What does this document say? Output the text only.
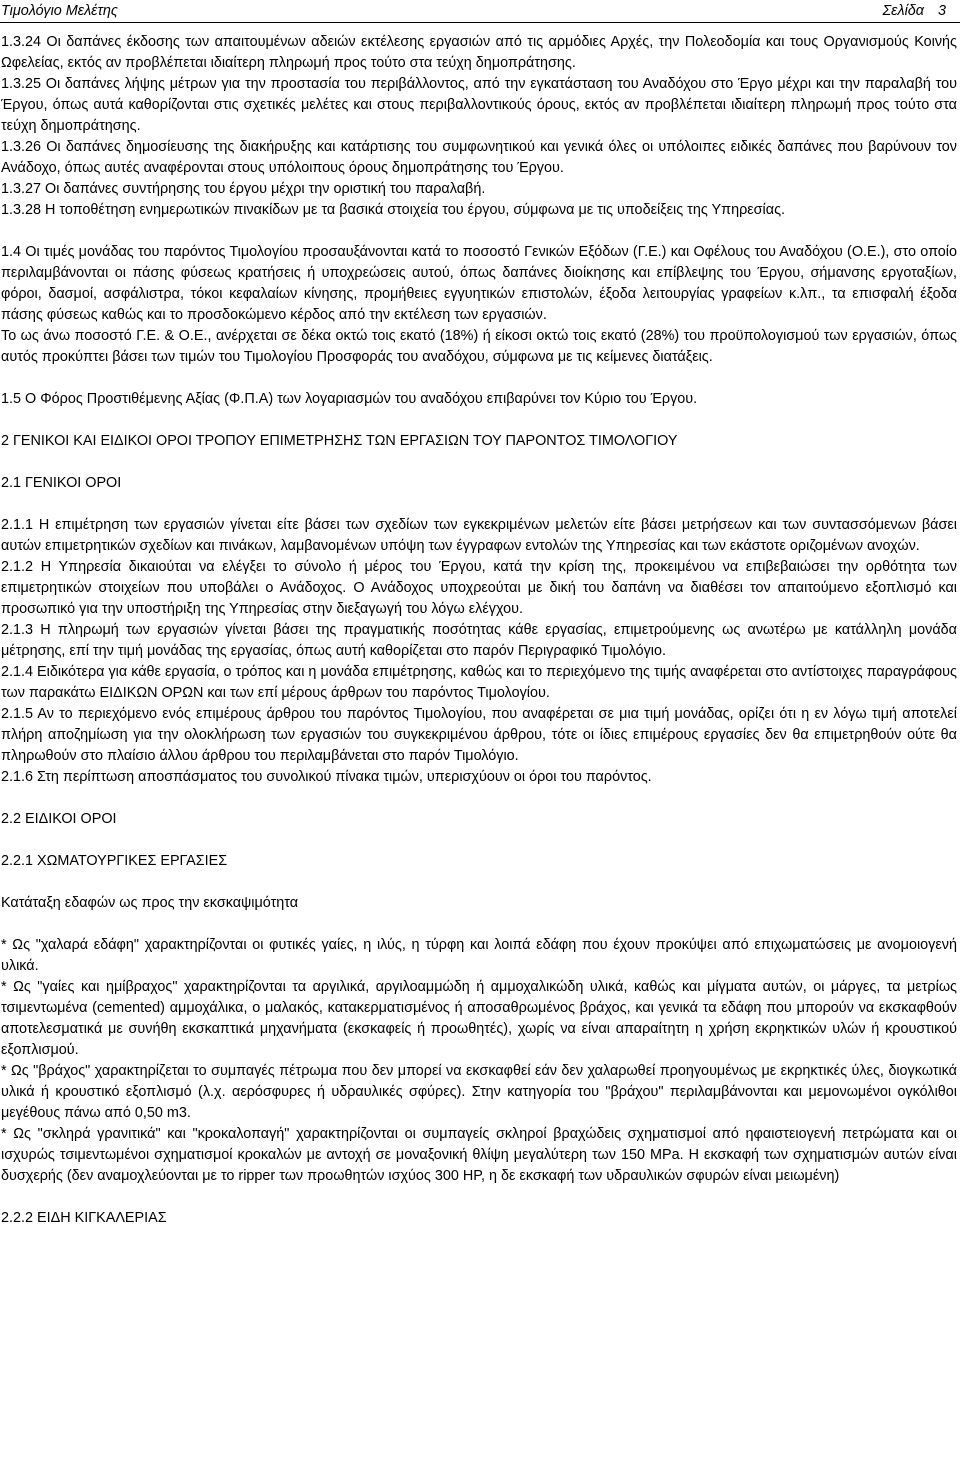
Τιμολόγιο Μελέτης	Σελίδα 3

1.3.24 Οι δαπάνες έκδοσης των απαιτουμένων αδειών εκτέλεσης εργασιών από τις αρμόδιες Αρχές, την Πολεοδομία και τους Οργανισμούς Κοινής Ωφελείας, εκτός αν προβλέπεται ιδιαίτερη πληρωμή προς τούτο στα τεύχη δημοπράτησης.

1.3.25 Οι δαπάνες λήψης μέτρων για την προστασία του περιβάλλοντος, από την εγκατάσταση του Αναδόχου στο Έργο μέχρι και την παραλαβή του Έργου, όπως αυτά καθορίζονται στις σχετικές μελέτες και στους περιβαλλοντικούς όρους, εκτός αν προβλέπεται ιδιαίτερη πληρωμή προς τούτο στα τεύχη δημοπράτησης.

1.3.26 Οι δαπάνες δημοσίευσης της διακήρυξης και κατάρτισης του συμφωνητικού και γενικά όλες οι υπόλοιπες ειδικές δαπάνες που βαρύνουν τον Ανάδοχο, όπως αυτές αναφέρονται στους υπόλοιπους όρους δημοπράτησης του Έργου.

1.3.27 Οι δαπάνες συντήρησης του έργου μέχρι την οριστική του παραλαβή.

1.3.28 Η τοποθέτηση ενημερωτικών πινακίδων με τα βασικά στοιχεία του έργου, σύμφωνα με τις υποδείξεις της Υπηρεσίας.

1.4 Οι τιμές μονάδας του παρόντος Τιμολογίου προσαυξάνονται κατά το ποσοστό Γενικών Εξόδων (Γ.Ε.) και Οφέλους του Αναδόχου (Ο.Ε.), στο οποίο περιλαμβάνονται οι πάσης φύσεως κρατήσεις ή υποχρεώσεις αυτού, όπως δαπάνες διοίκησης και επίβλεψης του Έργου, σήμανσης εργοταξίων, φόροι, δασμοί, ασφάλιστρα, τόκοι κεφαλαίων κίνησης, προμήθειες εγγυητικών επιστολών, έξοδα λειτουργίας γραφείων κ.λπ., τα επισφαλή έξοδα πάσης φύσεως καθώς και το προσδοκώμενο κέρδος από την εκτέλεση των εργασιών.

Το ως άνω ποσοστό Γ.Ε. & Ο.Ε., ανέρχεται σε δέκα οκτώ τοις εκατό (18%) ή είκοσι οκτώ τοις εκατό (28%) του προϋπολογισμού των εργασιών, όπως αυτός προκύπτει βάσει των τιμών του Τιμολογίου Προσφοράς του αναδόχου, σύμφωνα με τις κείμενες διατάξεις.

1.5 Ο Φόρος Προστιθέμενης Αξίας (Φ.Π.Α) των λογαριασμών του αναδόχου επιβαρύνει τον Κύριο του Έργου.

2 ΓΕΝΙΚΟΙ ΚΑΙ ΕΙΔΙΚΟΙ ΟΡΟΙ ΤΡΟΠΟΥ ΕΠΙΜΕΤΡΗΣΗΣ ΤΩΝ ΕΡΓΑΣΙΩΝ ΤΟΥ ΠΑΡΟΝΤΟΣ ΤΙΜΟΛΟΓΙΟΥ

2.1 ΓΕΝΙΚΟΙ ΟΡΟΙ

2.1.1 Η επιμέτρηση των εργασιών γίνεται είτε βάσει των σχεδίων των εγκεκριμένων μελετών είτε βάσει μετρήσεων και των συντασσόμενων βάσει αυτών επιμετρητικών σχεδίων και πινάκων, λαμβανομένων υπόψη των έγγραφων εντολών της Υπηρεσίας και των εκάστοτε οριζομένων ανοχών.

2.1.2 Η Υπηρεσία δικαιούται να ελέγξει το σύνολο ή μέρος του Έργου, κατά την κρίση της, προκειμένου να επιβεβαιώσει την ορθότητα των επιμετρητικών στοιχείων που υποβάλει ο Ανάδοχος. Ο Ανάδοχος υποχρεούται με δική του δαπάνη να διαθέσει τον απαιτούμενο εξοπλισμό και προσωπικό για την υποστήριξη της Υπηρεσίας στην διεξαγωγή του λόγω ελέγχου.

2.1.3 Η πληρωμή των εργασιών γίνεται βάσει της πραγματικής ποσότητας κάθε εργασίας, επιμετρούμενης ως ανωτέρω με κατάλληλη μονάδα μέτρησης, επί την τιμή μονάδας της εργασίας, όπως αυτή καθορίζεται στο παρόν Περιγραφικό Τιμολόγιο.

2.1.4 Ειδικότερα για κάθε εργασία, ο τρόπος και η μονάδα επιμέτρησης, καθώς και το περιεχόμενο της τιμής αναφέρεται στο αντίστοιχες παραγράφους των παρακάτω ΕΙΔΙΚΩΝ ΟΡΩΝ και των επί μέρους άρθρων του παρόντος Τιμολογίου.

2.1.5 Αν το περιεχόμενο ενός επιμέρους άρθρου του παρόντος Τιμολογίου, που αναφέρεται σε μια τιμή μονάδας, ορίζει ότι η εν λόγω τιμή αποτελεί πλήρη αποζημίωση για την ολοκλήρωση των εργασιών του συγκεκριμένου άρθρου, τότε οι ίδιες επιμέρους εργασίες δεν θα επιμετρηθούν ούτε θα πληρωθούν στο πλαίσιο άλλου άρθρου του περιλαμβάνεται στο παρόν Τιμολόγιο.

2.1.6 Στη περίπτωση αποσπάσματος του συνολικού πίνακα τιμών, υπερισχύουν οι όροι του παρόντος.

2.2 ΕΙΔΙΚΟΙ ΟΡΟΙ

2.2.1 ΧΩΜΑΤΟΥΡΓΙΚΕΣ ΕΡΓΑΣΙΕΣ

Κατάταξη εδαφών ως προς την εκσκαψιμότητα

* Ως "χαλαρά εδάφη" χαρακτηρίζονται οι φυτικές γαίες, η ιλύς, η τύρφη και λοιπά εδάφη που έχουν προκύψει από επιχωματώσεις με ανομοιογενή υλικά.

* Ως "γαίες και ημίβραχος" χαρακτηρίζονται τα αργιλικά, αργιλοαμμώδη ή αμμοχαλικώδη υλικά, καθώς και μίγματα αυτών, οι μάργες, τα μετρίως τσιμεντωμένα (cemented) αμμοχάλικα, ο μαλακός, κατακερματισμένος ή αποσαθρωμένος βράχος, και γενικά τα εδάφη που μπορούν να εκσκαφθούν αποτελεσματικά με συνήθη εκσκαπτικά μηχανήματα (εκσκαφείς ή προωθητές), χωρίς να είναι απαραίτητη η χρήση εκρηκτικών υλών ή κρουστικού εξοπλισμού.

* Ως "βράχος" χαρακτηρίζεται το συμπαγές πέτρωμα που δεν μπορεί να εκσκαφθεί εάν δεν χαλαρωθεί προηγουμένως με εκρηκτικές ύλες, διογκωτικά υλικά ή κρουστικό εξοπλισμό (λ.χ. αερόσφυρες ή υδραυλικές σφύρες). Στην κατηγορία του "βράχου" περιλαμβάνονται και μεμονωμένοι ογκόλιθοι μεγέθους πάνω από 0,50 m3.

* Ως "σκληρά γρανιτικά" και "κροκαλοπαγή" χαρακτηρίζονται οι συμπαγείς σκληροί βραχώδεις σχηματισμοί από ηφαιστειογενή πετρώματα και οι ισχυρώς τσιμεντωμένοι σχηματισμοί κροκαλών με αντοχή σε μοναξονική θλίψη μεγαλύτερη των 150 MPa. Η εκσκαφή των σχηματισμών αυτών είναι δυσχερής (δεν αναμοχλεύονται με το ripper των προωθητών ισχύος 300 HP, η δε εκσκαφή των υδραυλικών σφυρών είναι μειωμένη)

2.2.2 ΕΙΔΗ ΚΙΓΚΑΛΕΡΙΑΣ
